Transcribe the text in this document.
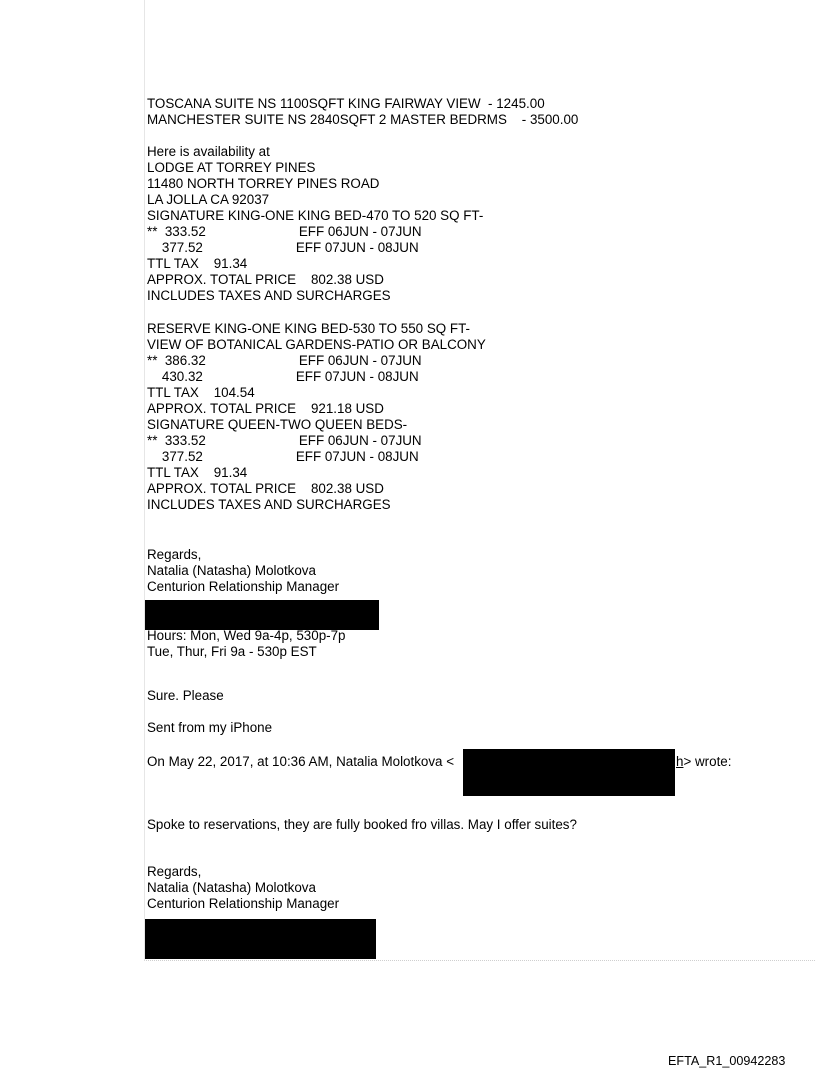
TOSCANA SUITE NS 1100SQFT KING FAIRWAY VIEW  - 1245.00

MANCHESTER SUITE NS 2840SQFT 2 MASTER BEDRMS    - 3500.00

Here is availability at

LODGE AT TORREY PINES

11480 NORTH TORREY PINES ROAD

LA JOLLA CA 92037

SIGNATURE KING-ONE KING BED-470 TO 520 SQ FT-

**  333.52                         EFF 06JUN - 07JUN

377.52                         EFF 07JUN - 08JUN

TTL TAX    91.34

APPROX. TOTAL PRICE    802.38 USD

INCLUDES TAXES AND SURCHARGES

RESERVE KING-ONE KING BED-530 TO 550 SQ FT-

VIEW OF BOTANICAL GARDENS-PATIO OR BALCONY

**  386.32                         EFF 06JUN - 07JUN

430.32                         EFF 07JUN - 08JUN

TTL TAX    104.54

APPROX. TOTAL PRICE    921.18 USD

SIGNATURE QUEEN-TWO QUEEN BEDS-

**  333.52                         EFF 06JUN - 07JUN

377.52                         EFF 07JUN - 08JUN

TTL TAX    91.34

APPROX. TOTAL PRICE    802.38 USD

INCLUDES TAXES AND SURCHARGES

Regards,

Natalia (Natasha) Molotkova

Centurion Relationship Manager

Hours: Mon, Wed 9a-4p, 530p-7p

Tue, Thur, Fri 9a - 530p EST

Sure. Please

Sent from my iPhone

On May 22, 2017, at 10:36 AM, Natalia Molotkova <	h> wrote:

Spoke to reservations, they are fully booked fro villas. May I offer suites?

Regards,

Natalia (Natasha) Molotkova

Centurion Relationship Manager

EFTA_R1_00942283
